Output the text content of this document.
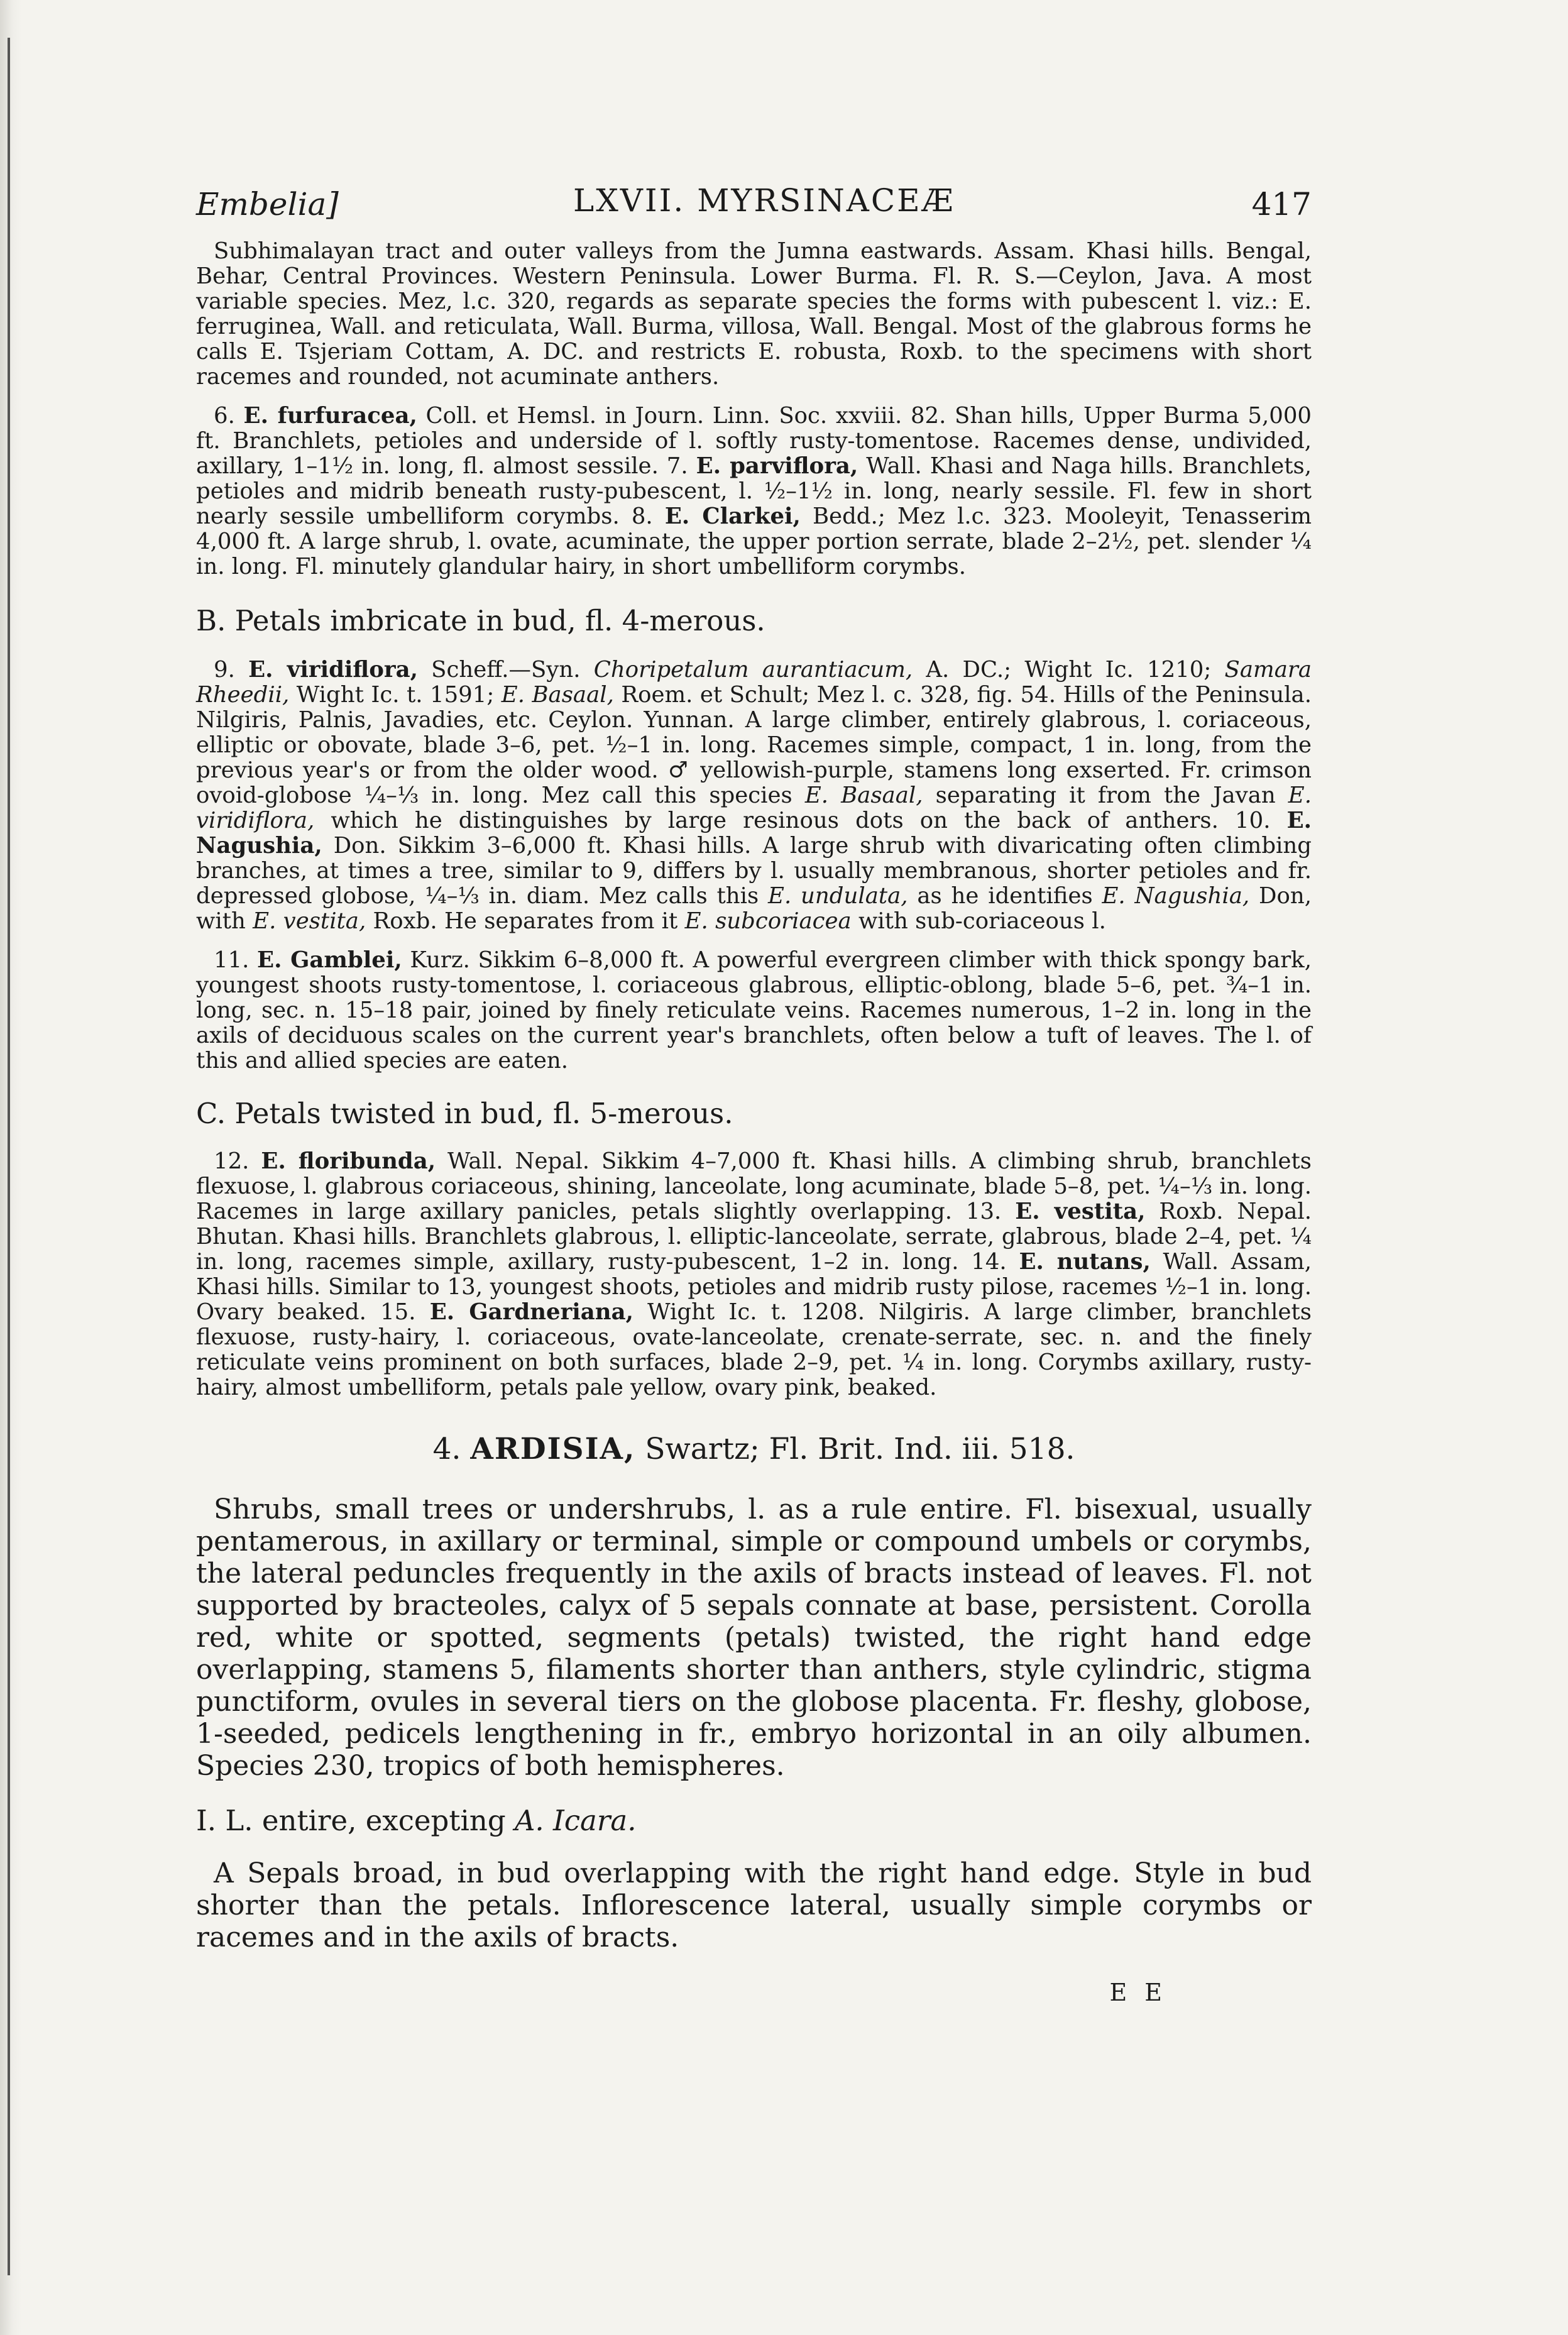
Embelia]	LXVII. MYRSINACEÆ	417

Subhimalayan tract and outer valleys from the Jumna eastwards. Assam. Khasi hills. Bengal, Behar, Central Provinces. Western Peninsula. Lower Burma. Fl. R. S.—Ceylon, Java. A most variable species. Mez, l.c. 320, regards as separate species the forms with pubescent l. viz.: E. ferruginea, Wall. and reticulata, Wall. Burma, villosa, Wall. Bengal. Most of the glabrous forms he calls E. Tsjeriam Cottam, A. DC. and restricts E. robusta, Roxb. to the specimens with short racemes and rounded, not acuminate anthers.

6. E. furfuracea, Coll. et Hemsl. in Journ. Linn. Soc. xxviii. 82. Shan hills, Upper Burma 5,000 ft. Branchlets, petioles and underside of l. softly rusty-tomentose. Racemes dense, undivided, axillary, 1–1½ in. long, fl. almost sessile. 7. E. parviflora, Wall. Khasi and Naga hills. Branchlets, petioles and midrib beneath rusty-pubescent, l. ½–1½ in. long, nearly sessile. Fl. few in short nearly sessile umbelliform corymbs. 8. E. Clarkei, Bedd.; Mez l.c. 323. Mooleyit, Tenasserim 4,000 ft. A large shrub, l. ovate, acuminate, the upper portion serrate, blade 2–2½, pet. slender ¼ in. long. Fl. minutely glandular hairy, in short umbelliform corymbs.

B. Petals imbricate in bud, fl. 4-merous.

9. E. viridiflora, Scheff.—Syn. Choripetalum aurantiacum, A. DC.; Wight Ic. 1210; Samara Rheedii, Wight Ic. t. 1591; E. Basaal, Roem. et Schult; Mez l. c. 328, fig. 54. Hills of the Peninsula. Nilgiris, Palnis, Javadies, etc. Ceylon. Yunnan. A large climber, entirely glabrous, l. coriaceous, elliptic or obovate, blade 3–6, pet. ½–1 in. long. Racemes simple, compact, 1 in. long, from the previous year's or from the older wood. ♂ yellowish-purple, stamens long exserted. Fr. crimson ovoid-globose ¼–⅓ in. long. Mez call this species E. Basaal, separating it from the Javan E. viridiflora, which he distinguishes by large resinous dots on the back of anthers. 10. E. Nagushia, Don. Sikkim 3–6,000 ft. Khasi hills. A large shrub with divaricating often climbing branches, at times a tree, similar to 9, differs by l. usually membranous, shorter petioles and fr. depressed globose, ¼–⅓ in. diam. Mez calls this E. undulata, as he identifies E. Nagushia, Don, with E. vestita, Roxb. He separates from it E. subcoriacea with sub-coriaceous l.

11. E. Gamblei, Kurz. Sikkim 6–8,000 ft. A powerful evergreen climber with thick spongy bark, youngest shoots rusty-tomentose, l. coriaceous glabrous, elliptic-oblong, blade 5–6, pet. ¾–1 in. long, sec. n. 15–18 pair, joined by finely reticulate veins. Racemes numerous, 1–2 in. long in the axils of deciduous scales on the current year's branchlets, often below a tuft of leaves. The l. of this and allied species are eaten.

C. Petals twisted in bud, fl. 5-merous.

12. E. floribunda, Wall. Nepal. Sikkim 4–7,000 ft. Khasi hills. A climbing shrub, branchlets flexuose, l. glabrous coriaceous, shining, lanceolate, long acuminate, blade 5–8, pet. ¼–⅓ in. long. Racemes in large axillary panicles, petals slightly overlapping. 13. E. vestita, Roxb. Nepal. Bhutan. Khasi hills. Branchlets glabrous, l. elliptic-lanceolate, serrate, glabrous, blade 2–4, pet. ¼ in. long, racemes simple, axillary, rusty-pubescent, 1–2 in. long. 14. E. nutans, Wall. Assam, Khasi hills. Similar to 13, youngest shoots, petioles and midrib rusty pilose, racemes ½–1 in. long. Ovary beaked. 15. E. Gardneriana, Wight Ic. t. 1208. Nilgiris. A large climber, branchlets flexuose, rusty-hairy, l. coriaceous, ovate-lanceolate, crenate-serrate, sec. n. and the finely reticulate veins prominent on both surfaces, blade 2–9, pet. ¼ in. long. Corymbs axillary, rusty-hairy, almost umbelliform, petals pale yellow, ovary pink, beaked.

4. ARDISIA, Swartz; Fl. Brit. Ind. iii. 518.

Shrubs, small trees or undershrubs, l. as a rule entire. Fl. bisexual, usually pentamerous, in axillary or terminal, simple or compound umbels or corymbs, the lateral peduncles frequently in the axils of bracts instead of leaves. Fl. not supported by bracteoles, calyx of 5 sepals connate at base, persistent. Corolla red, white or spotted, segments (petals) twisted, the right hand edge overlapping, stamens 5, filaments shorter than anthers, style cylindric, stigma punctiform, ovules in several tiers on the globose placenta. Fr. fleshy, globose, 1-seeded, pedicels lengthening in fr., embryo horizontal in an oily albumen. Species 230, tropics of both hemispheres.

I. L. entire, excepting A. Icara.

A Sepals broad, in bud overlapping with the right hand edge. Style in bud shorter than the petals. Inflorescence lateral, usually simple corymbs or racemes and in the axils of bracts.

E E
